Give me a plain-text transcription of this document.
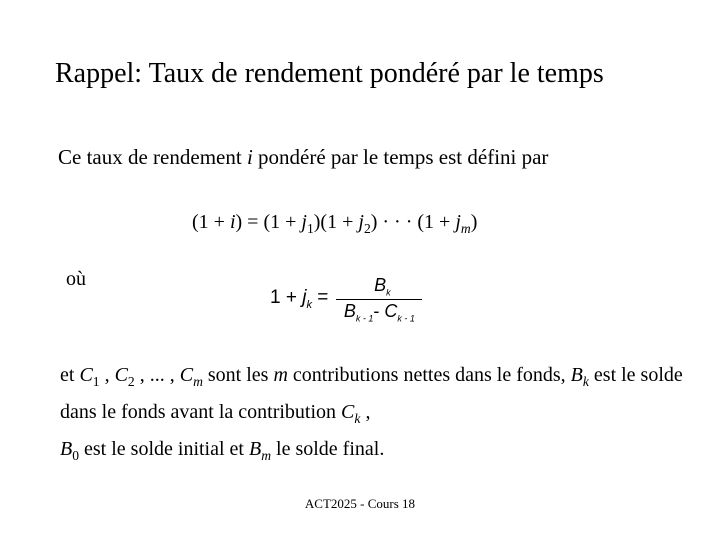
Rappel: Taux de rendement pondéré par le temps
Ce taux de rendement i pondéré par le temps est défini par
$(1 + i) = (1 + j_1)(1 + j_2)$ · · · $(1 + j_m)$
où
$1 + j_k = \frac{B_k}{B_{k - 1}- C_{k - 1}}$
et $C_1$ , $C_2$ , ... , $C_m$ sont les m contributions nettes dans le fonds, $B_k$ est le solde dans le fonds avant la contribution $C_k$ ,
$B_0$ est le solde initial et $B_m$ le solde final.
ACT2025 - Cours 18
